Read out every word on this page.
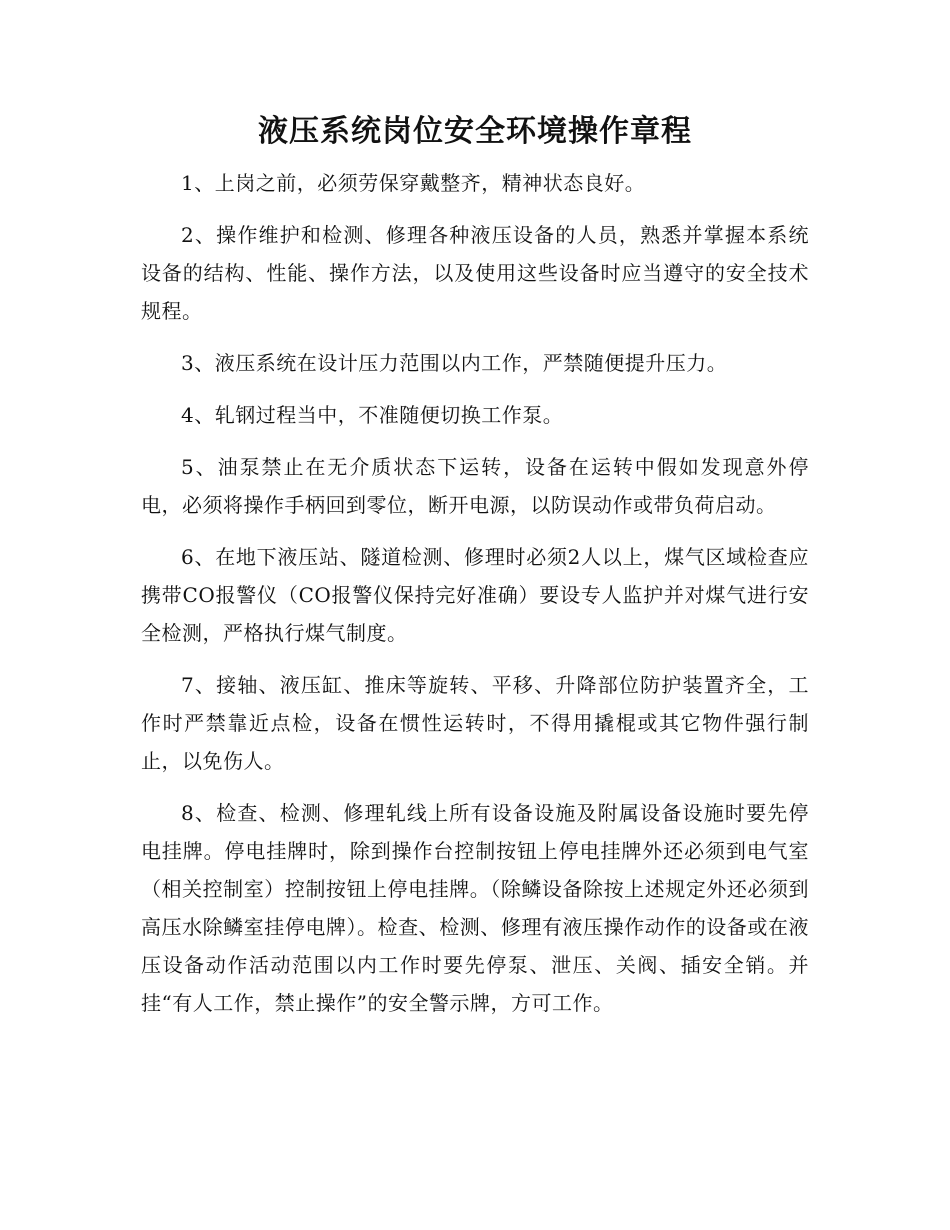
液压系统岗位安全环境操作章程

1、上岗之前，必须劳保穿戴整齐，精神状态良好。

2、操作维护和检测、修理各种液压设备的人员，熟悉并掌握本系统设备的结构、性能、操作方法，以及使用这些设备时应当遵守的安全技术规程。

3、液压系统在设计压力范围以内工作，严禁随便提升压力。

4、轧钢过程当中，不准随便切换工作泵。

5、油泵禁止在无介质状态下运转，设备在运转中假如发现意外停电，必须将操作手柄回到零位，断开电源，以防误动作或带负荷启动。

6、在地下液压站、隧道检测、修理时必须2人以上，煤气区域检查应携带CO报警仪（CO报警仪保持完好准确）要设专人监护并对煤气进行安全检测，严格执行煤气制度。

7、接轴、液压缸、推床等旋转、平移、升降部位防护装置齐全，工作时严禁靠近点检，设备在惯性运转时，不得用撬棍或其它物件强行制止，以免伤人。

8、检查、检测、修理轧线上所有设备设施及附属设备设施时要先停电挂牌。停电挂牌时，除到操作台控制按钮上停电挂牌外还必须到电气室（相关控制室）控制按钮上停电挂牌。（除鳞设备除按上述规定外还必须到高压水除鳞室挂停电牌）。检查、检测、修理有液压操作动作的设备或在液压设备动作活动范围以内工作时要先停泵、泄压、关阀、插安全销。并挂“有人工作，禁止操作”的安全警示牌，方可工作。
